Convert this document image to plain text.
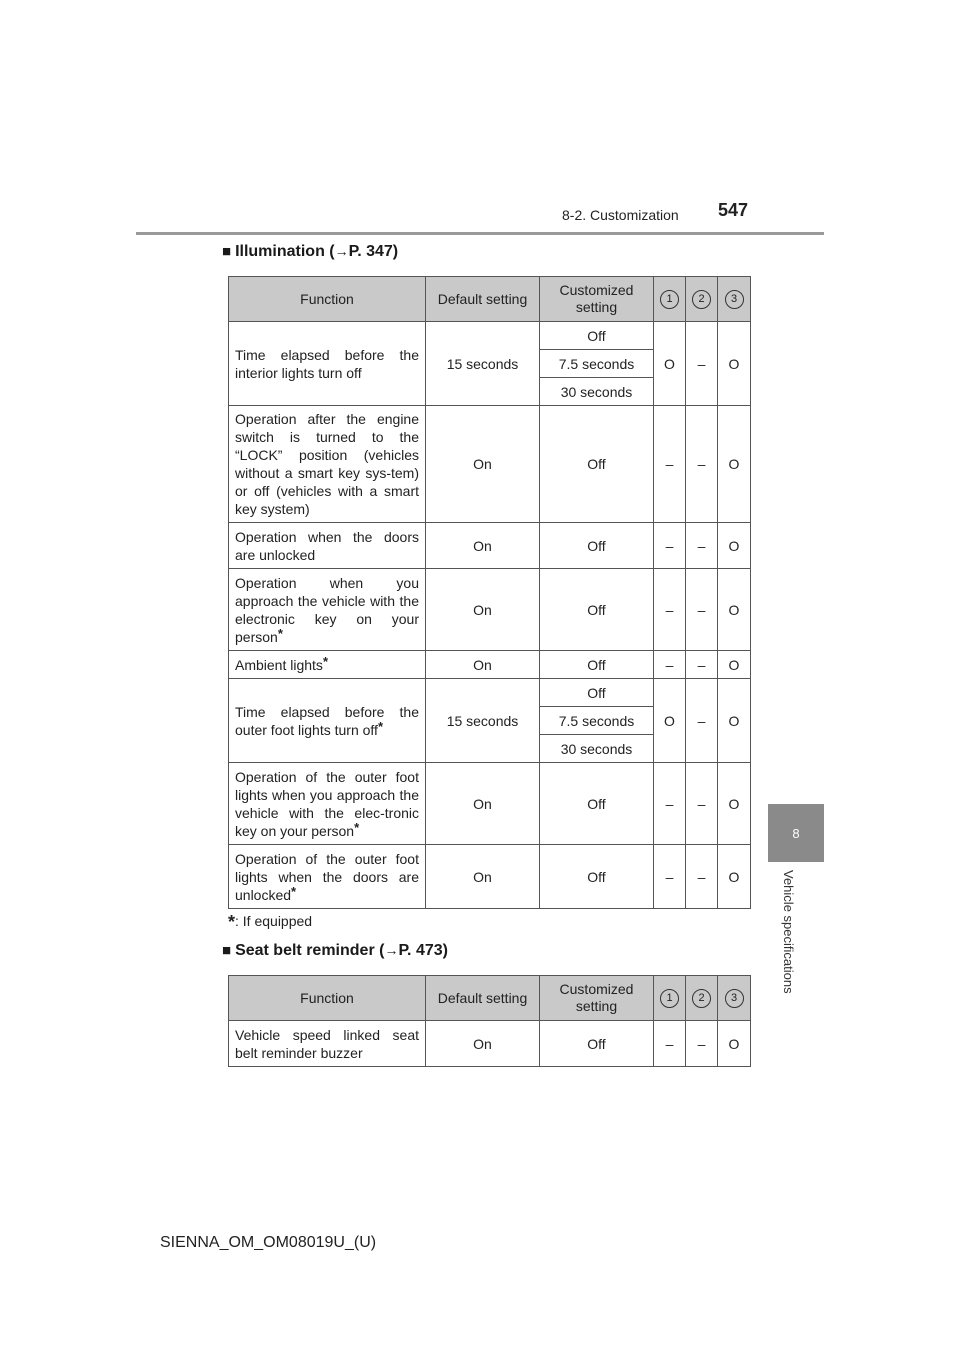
8-2. Customization 547
8
Vehicle specifications
■ Illumination (→P. 347)
Function	Default setting	Customized setting	1	2	3
Time elapsed before the interior lights turn off	15 seconds	Off	O	–	O
		7.5 seconds			
		30 seconds			
Operation after the engine switch is turned to the “LOCK” position (vehicles without a smart key sys-tem) or off (vehicles with a smart key system)	On	Off	–	–	O
Operation when the doors are unlocked	On	Off	–	–	O
Operation when you approach the vehicle with the electronic key on your person*	On	Off	–	–	O
Ambient lights*	On	Off	–	–	O
Time elapsed before the outer foot lights turn off*	15 seconds	Off	O	–	O
		7.5 seconds			
		30 seconds			
Operation of the outer foot lights when you approach the vehicle with the elec-tronic key on your person*	On	Off	–	–	O
Operation of the outer foot lights when the doors are unlocked*	On	Off	–	–	O
*: If equipped
■ Seat belt reminder (→P. 473)
Function	Default setting	Customized setting	1	2	3
Vehicle speed linked seat belt reminder buzzer	On	Off	–	–	O
SIENNA_OM_OM08019U_(U)
